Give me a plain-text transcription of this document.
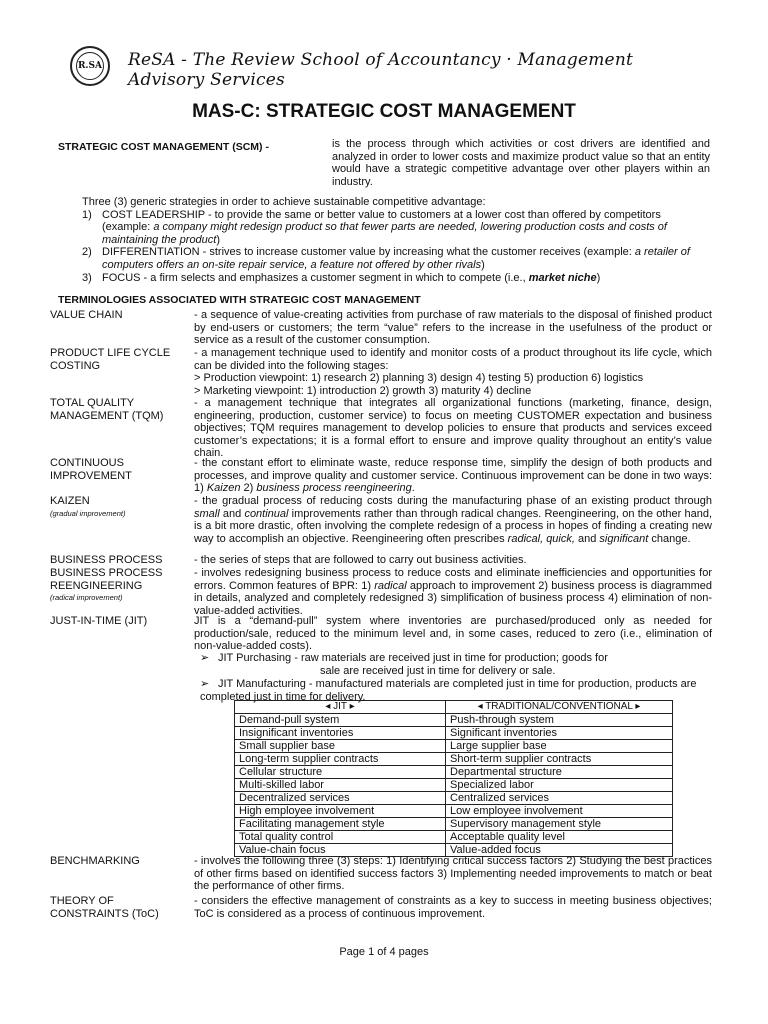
R.SA ReSA - The Review School of Accountancy · Management Advisory Services
MAS-C: STRATEGIC COST MANAGEMENT
STRATEGIC COST MANAGEMENT (SCM) -	is the process through which activities or cost drivers are identified and analyzed in order to lower costs and maximize product value so that an entity would have a strategic competitive advantage over other players within an industry.
Three (3) generic strategies in order to achieve sustainable competitive advantage:
1) COST LEADERSHIP - to provide the same or better value to customers at a lower cost than offered by competitors (example: a company might redesign product so that fewer parts are needed, lowering production costs and costs of maintaining the product)
2) DIFFERENTIATION - strives to increase customer value by increasing what the customer receives (example: a retailer of computers offers an on-site repair service, a feature not offered by other rivals)
3) FOCUS - a firm selects and emphasizes a customer segment in which to compete (i.e., market niche)
TERMINOLOGIES ASSOCIATED WITH STRATEGIC COST MANAGEMENT
VALUE CHAIN	- a sequence of value-creating activities from purchase of raw materials to the disposal of finished product by end-users or customers; the term “value” refers to the increase in the usefulness of the product or service as a result of the customer consumption.
PRODUCT LIFE CYCLE COSTING
- a management technique used to identify and monitor costs of a product throughout its life cycle, which can be divided into the following stages:
> Production viewpoint: 1) research 2) planning 3) design 4) testing 5) production 6) logistics
> Marketing viewpoint: 1) introduction 2) growth 3) maturity 4) decline
TOTAL QUALITY MANAGEMENT (TQM)
- a management technique that integrates all organizational functions (marketing, finance, design, engineering, production, customer service) to focus on meeting CUSTOMER expectation and business objectives; TQM requires management to develop policies to ensure that products and services exceed customer’s expectations; it is a formal effort to ensure and improve quality throughout an entity’s value chain.
CONTINUOUS IMPROVEMENT
- the constant effort to eliminate waste, reduce response time, simplify the design of both products and processes, and improve quality and customer service. Continuous improvement can be done in two ways: 1) Kaizen 2) business process reengineering.
KAIZEN
(gradual improvement)
- the gradual process of reducing costs during the manufacturing phase of an existing product through small and continual improvements rather than through radical changes. Reengineering, on the other hand, is a bit more drastic, often involving the complete redesign of a process in hopes of finding a creating new way to accomplish an objective. Reengineering often prescribes radical, quick, and significant change.
BUSINESS PROCESS	- the series of steps that are followed to carry out business activities.
BUSINESS PROCESS REENGINEERING
(radical improvement)
- involves redesigning business process to reduce costs and eliminate inefficiencies and opportunities for errors. Common features of BPR: 1) radical approach to improvement 2) business process is diagrammed in details, analyzed and completely redesigned 3) simplification of business process 4) elimination of non-value-added activities.
JUST-IN-TIME (JIT)	JIT is a “demand-pull” system where inventories are purchased/produced only as needed for production/sale, reduced to the minimum level and, in some cases, reduced to zero (i.e., elimination of non-value-added costs).
➢ JIT Purchasing - raw materials are received just in time for production; goods for
sale are received just in time for delivery or sale.
➢ JIT Manufacturing - manufactured materials are completed just in time for production, products are completed just in time for delivery.
◂ JIT ▸	◂ TRADITIONAL/CONVENTIONAL ▸
Demand-pull system	Push-through system
Insignificant inventories	Significant inventories
Small supplier base	Large supplier base
Long-term supplier contracts	Short-term supplier contracts
Cellular structure	Departmental structure
Multi-skilled labor	Specialized labor
Decentralized services	Centralized services
High employee involvement	Low employee involvement
Facilitating management style	Supervisory management style
Total quality control	Acceptable quality level
Value-chain focus	Value-added focus
BENCHMARKING	- involves the following three (3) steps: 1) Identifying critical success factors 2) Studying the best practices of other firms based on identified success factors 3) Implementing needed improvements to match or beat the performance of other firms.
THEORY OF CONSTRAINTS (ToC)
- considers the effective management of constraints as a key to success in meeting business objectives; ToC is considered as a process of continuous improvement.
Page 1 of 4 pages
